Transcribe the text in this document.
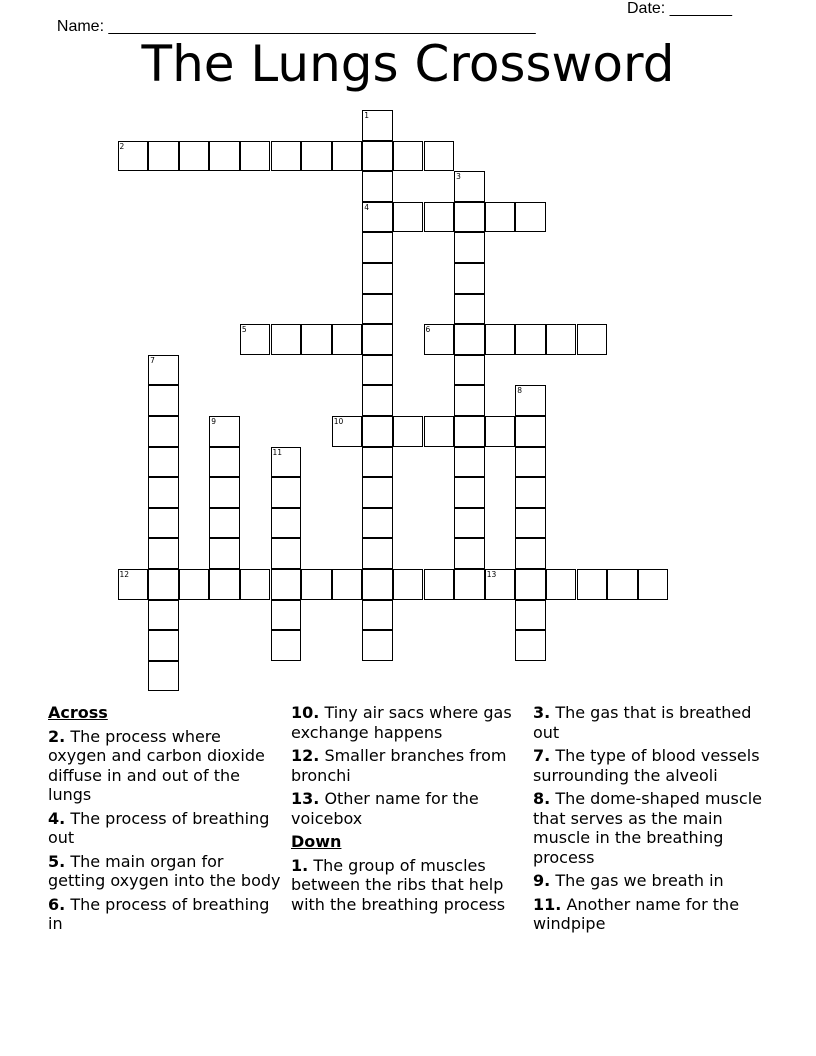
Name: ________________________________________________

Date: _______

The Lungs Crossword
1
2
3
4
5	6
7
8
9	10
11
12	13
Across
2. The process where oxygen and carbon dioxide diffuse in and out of the lungs
4. The process of breathing out
5. The main organ for getting oxygen into the body
6. The process of breathing in
10. Tiny air sacs where gas exchange happens
12. Smaller branches from bronchi
13. Other name for the voicebox
Down
1. The group of muscles between the ribs that help with the breathing process
3. The gas that is breathed out
7. The type of blood vessels surrounding the alveoli
8. The dome-shaped muscle that serves as the main muscle in the breathing process
9. The gas we breath in
11. Another name for the windpipe
